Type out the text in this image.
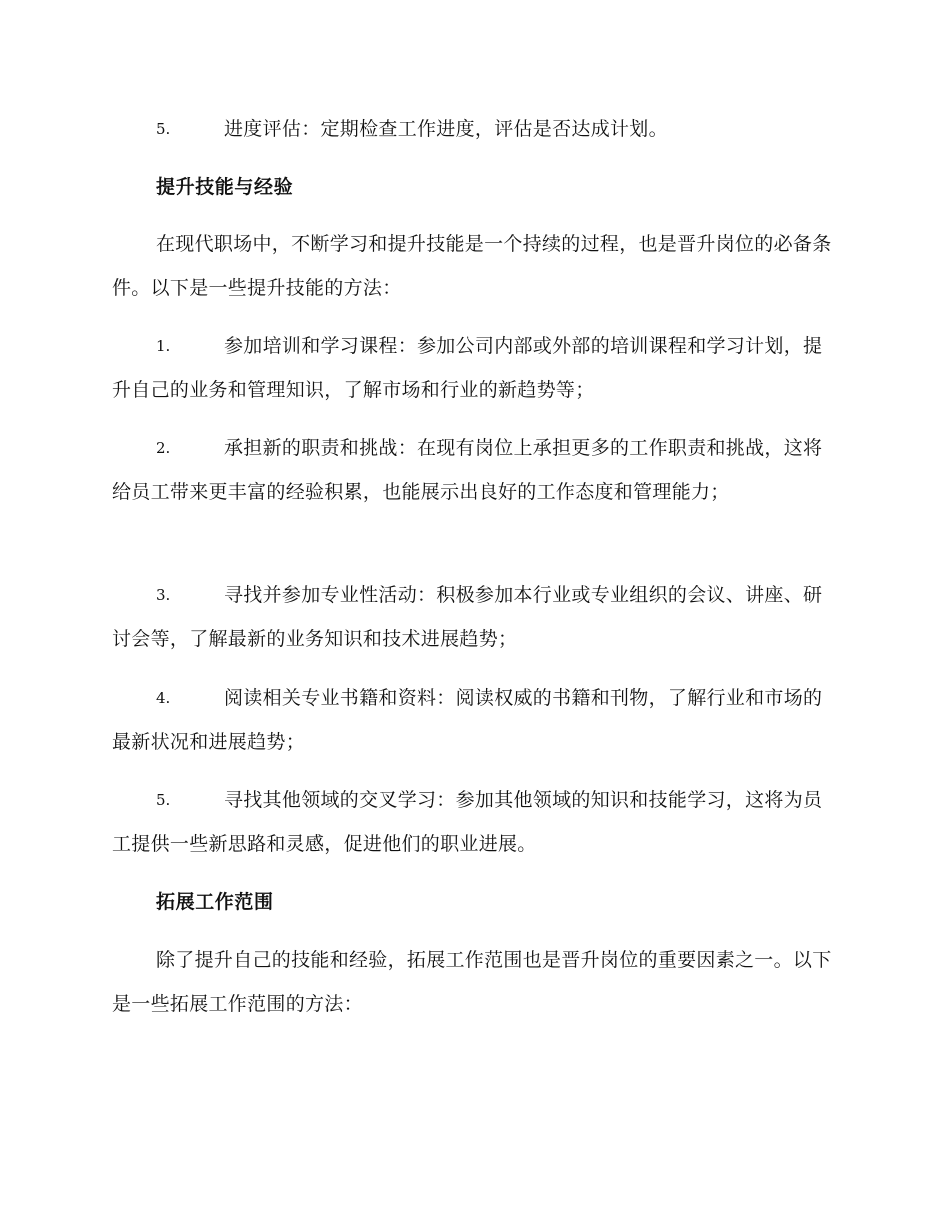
5.	进度评估：定期检查工作进度，评估是否达成计划。
提升技能与经验
在现代职场中，不断学习和提升技能是一个持续的过程，也是晋升岗位的必备条件。以下是一些提升技能的方法：
1.	参加培训和学习课程：参加公司内部或外部的培训课程和学习计划，提升自己的业务和管理知识，了解市场和行业的新趋势等；
2.	承担新的职责和挑战：在现有岗位上承担更多的工作职责和挑战，这将给员工带来更丰富的经验积累，也能展示出良好的工作态度和管理能力；
3.	寻找并参加专业性活动：积极参加本行业或专业组织的会议、讲座、研讨会等，了解最新的业务知识和技术进展趋势；
4.	阅读相关专业书籍和资料：阅读权威的书籍和刊物，了解行业和市场的最新状况和进展趋势；
5.	寻找其他领域的交叉学习：参加其他领域的知识和技能学习，这将为员工提供一些新思路和灵感，促进他们的职业进展。
拓展工作范围
除了提升自己的技能和经验，拓展工作范围也是晋升岗位的重要因素之一。以下是一些拓展工作范围的方法：
